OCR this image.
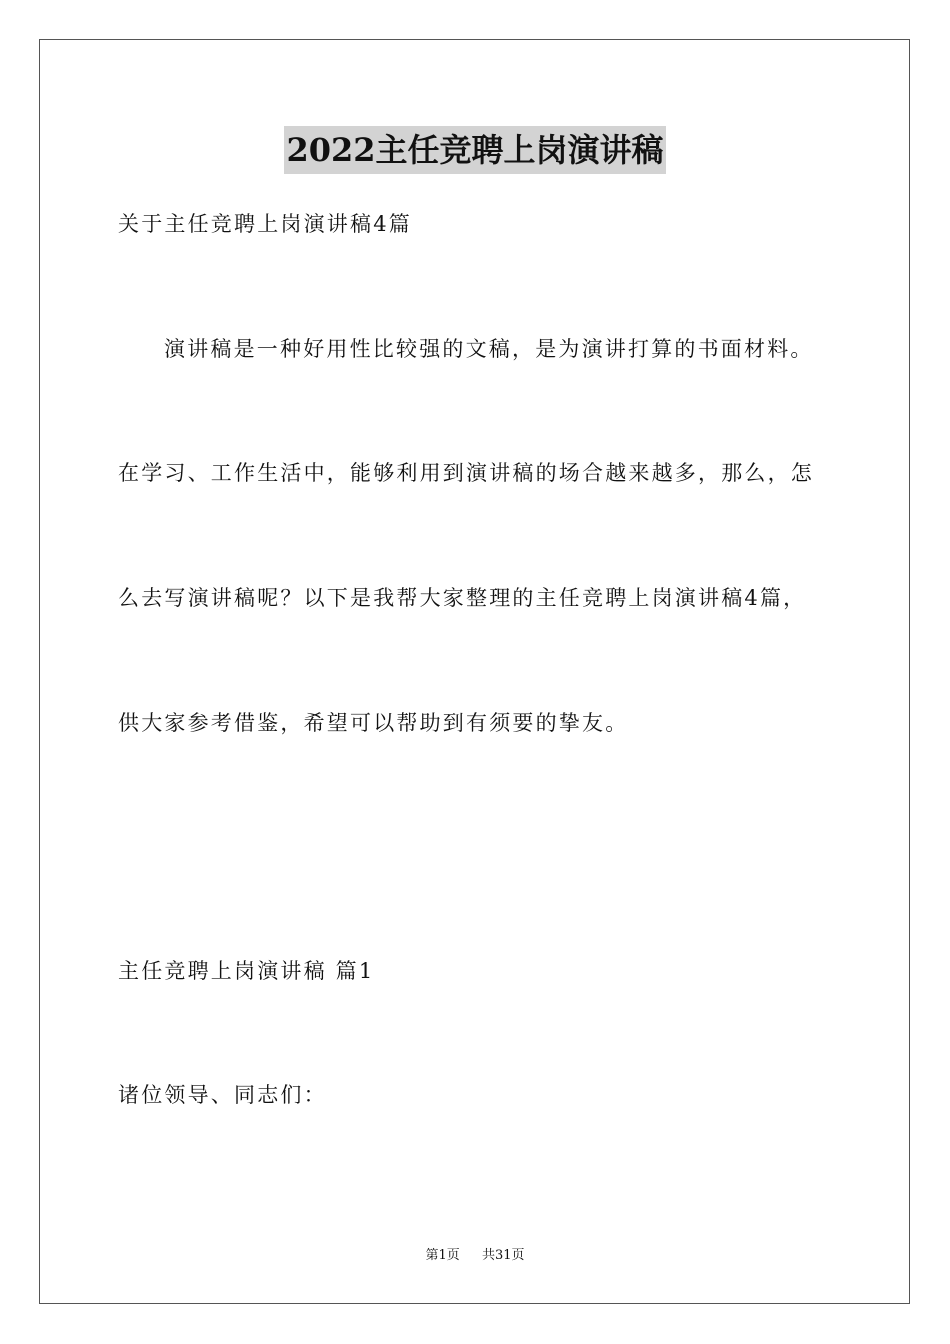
2022主任竞聘上岗演讲稿
关于主任竞聘上岗演讲稿4篇
演讲稿是一种好用性比较强的文稿，是为演讲打算的书面材料。
在学习、工作生活中，能够利用到演讲稿的场合越来越多，那么，怎
么去写演讲稿呢？以下是我帮大家整理的主任竞聘上岗演讲稿4篇，
供大家参考借鉴，希望可以帮助到有须要的挚友。
主任竞聘上岗演讲稿 篇1
诸位领导、同志们：
第1页 共31页
